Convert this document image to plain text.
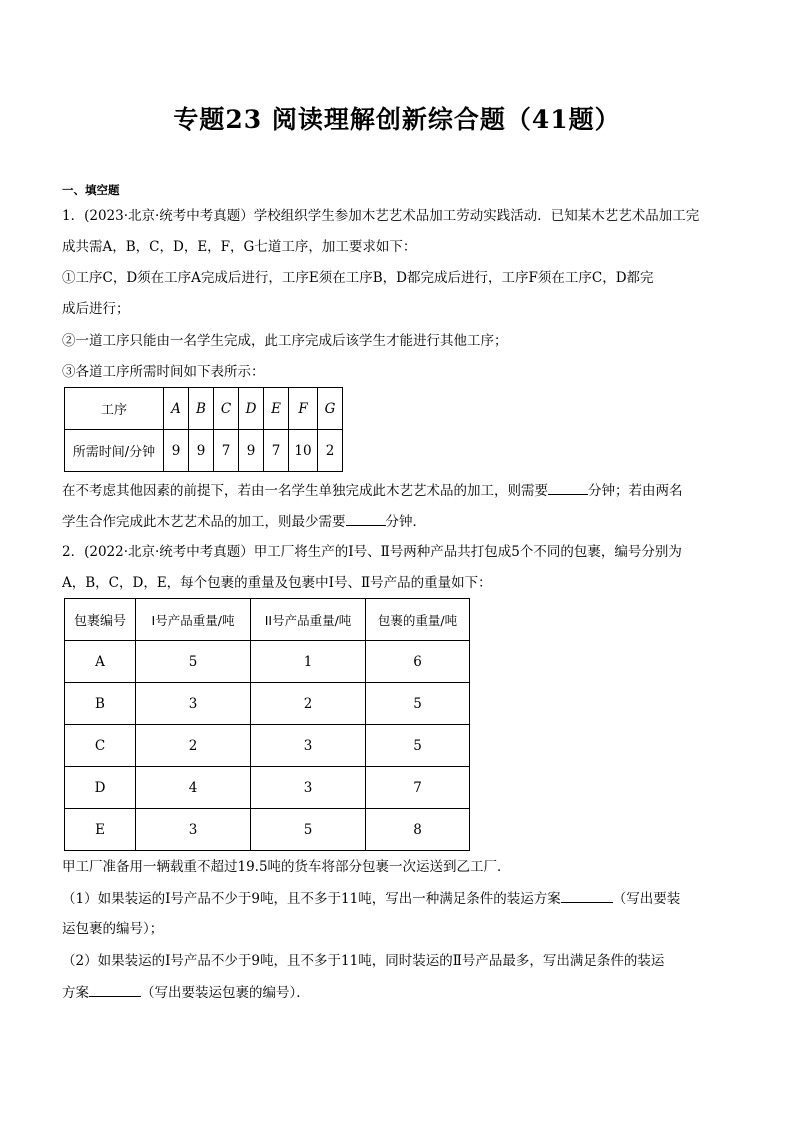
专题23 阅读理解创新综合题（41题）
一、填空题
1．(2023·北京·统考中考真题）学校组织学生参加木艺艺术品加工劳动实践活动．已知某木艺艺术品加工完
成共需A，B，C，D，E，F，G七道工序，加工要求如下：
①工序C，D须在工序A完成后进行，工序E须在工序B，D都完成后进行，工序F须在工序C，D都完
成后进行；
②一道工序只能由一名学生完成，此工序完成后该学生才能进行其他工序；
③各道工序所需时间如下表所示：
工序	A	B	C	D	E	F	G
所需时间/分钟	9	9	7	9	7	10	2
在不考虑其他因素的前提下，若由一名学生单独完成此木艺艺术品的加工，则需要	分钟；若由两名
学生合作完成此木艺艺术品的加工，则最少需要	分钟．
2．(2022·北京·统考中考真题）甲工厂将生产的Ⅰ号、Ⅱ号两种产品共打包成5个不同的包裹，编号分别为
A，B，C，D，E，每个包裹的重量及包裹中Ⅰ号、Ⅱ号产品的重量如下：
包裹编号	I号产品重量/吨	II号产品重量/吨	包裹的重量/吨
A	5	1	6
B	3	2	5
C	2	3	5
D	4	3	7
E	3	5	8
甲工厂准备用一辆载重不超过19.5吨的货车将部分包裹一次运送到乙工厂．
（1）如果装运的Ⅰ号产品不少于9吨，且不多于11吨，写出一种满足条件的装运方案	（写出要装
运包裹的编号）；
（2）如果装运的Ⅰ号产品不少于9吨，且不多于11吨，同时装运的Ⅱ号产品最多，写出满足条件的装运
方案	（写出要装运包裹的编号）．
